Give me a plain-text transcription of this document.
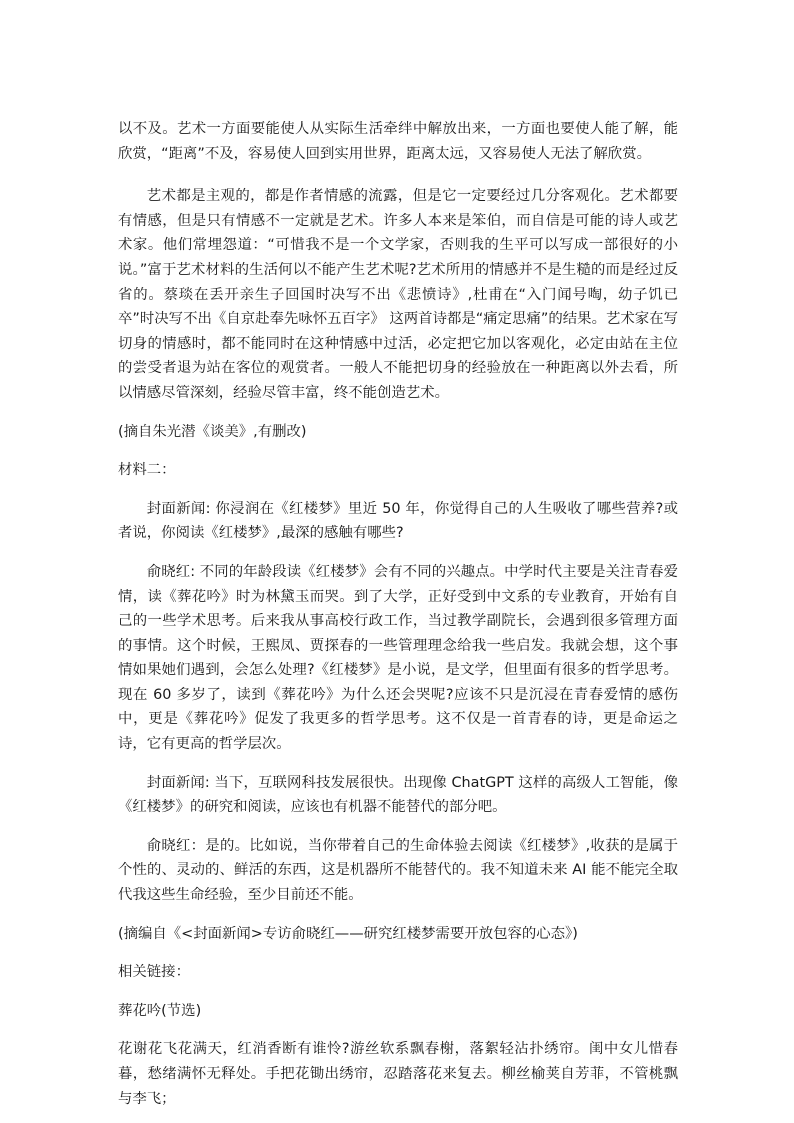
以不及。艺术一方面要能使人从实际生活牵绊中解放出来，一方面也要使人能了解，能欣赏，“距离”不及，容易使人回到实用世界，距离太远，又容易使人无法了解欣赏。

艺术都是主观的，都是作者情感的流露，但是它一定要经过几分客观化。艺术都要有情感，但是只有情感不一定就是艺术。许多人本来是笨伯，而自信是可能的诗人或艺术家。他们常埋怨道：“可惜我不是一个文学家，否则我的生平可以写成一部很好的小说。”富于艺术材料的生活何以不能产生艺术呢?艺术所用的情感并不是生糙的而是经过反省的。蔡琰在丢开亲生子回国时决写不出《悲愤诗》,杜甫在“入门闻号啕，幼子饥已卒”时决写不出《自京赴奉先咏怀五百字》 这两首诗都是“痛定思痛”的结果。艺术家在写切身的情感时，都不能同时在这种情感中过活，必定把它加以客观化，必定由站在主位的尝受者退为站在客位的观赏者。一般人不能把切身的经验放在一种距离以外去看，所以情感尽管深刻，经验尽管丰富，终不能创造艺术。

(摘自朱光潜《谈美》,有删改)

材料二：

封面新闻: 你浸润在《红楼梦》里近 50 年，你觉得自己的人生吸收了哪些营养?或者说，你阅读《红楼梦》,最深的感触有哪些?

俞晓红: 不同的年龄段读《红楼梦》会有不同的兴趣点。中学时代主要是关注青春爱情，读《葬花吟》时为林黛玉而哭。到了大学，正好受到中文系的专业教育，开始有自己的一些学术思考。后来我从事高校行政工作，当过教学副院长，会遇到很多管理方面的事情。这个时候，王熙凤、贾探春的一些管理理念给我一些启发。我就会想，这个事情如果她们遇到，会怎么处理?《红楼梦》是小说，是文学，但里面有很多的哲学思考。现在 60 多岁了，读到《葬花吟》为什么还会哭呢?应该不只是沉浸在青春爱情的感伤中，更是《葬花吟》促发了我更多的哲学思考。这不仅是一首青春的诗，更是命运之诗，它有更高的哲学层次。

封面新闻: 当下，互联网科技发展很快。出现像 ChatGPT 这样的高级人工智能，像《红楼梦》的研究和阅读，应该也有机器不能替代的部分吧。

俞晓红：是的。比如说，当你带着自己的生命体验去阅读《红楼梦》,收获的是属于个性的、灵动的、鲜活的东西，这是机器所不能替代的。我不知道未来 AI 能不能完全取代我这些生命经验，至少目前还不能。

(摘编自《<封面新闻>专访俞晓红——研究红楼梦需要开放包容的心态》)

相关链接：

葬花吟(节选)

花谢花飞花满天，红消香断有谁怜?游丝软系飘春榭，落絮轻沾扑绣帘。闺中女儿惜春暮，愁绪满怀无释处。手把花锄出绣帘，忍踏落花来复去。柳丝榆荚自芳菲，不管桃飘与李飞；
